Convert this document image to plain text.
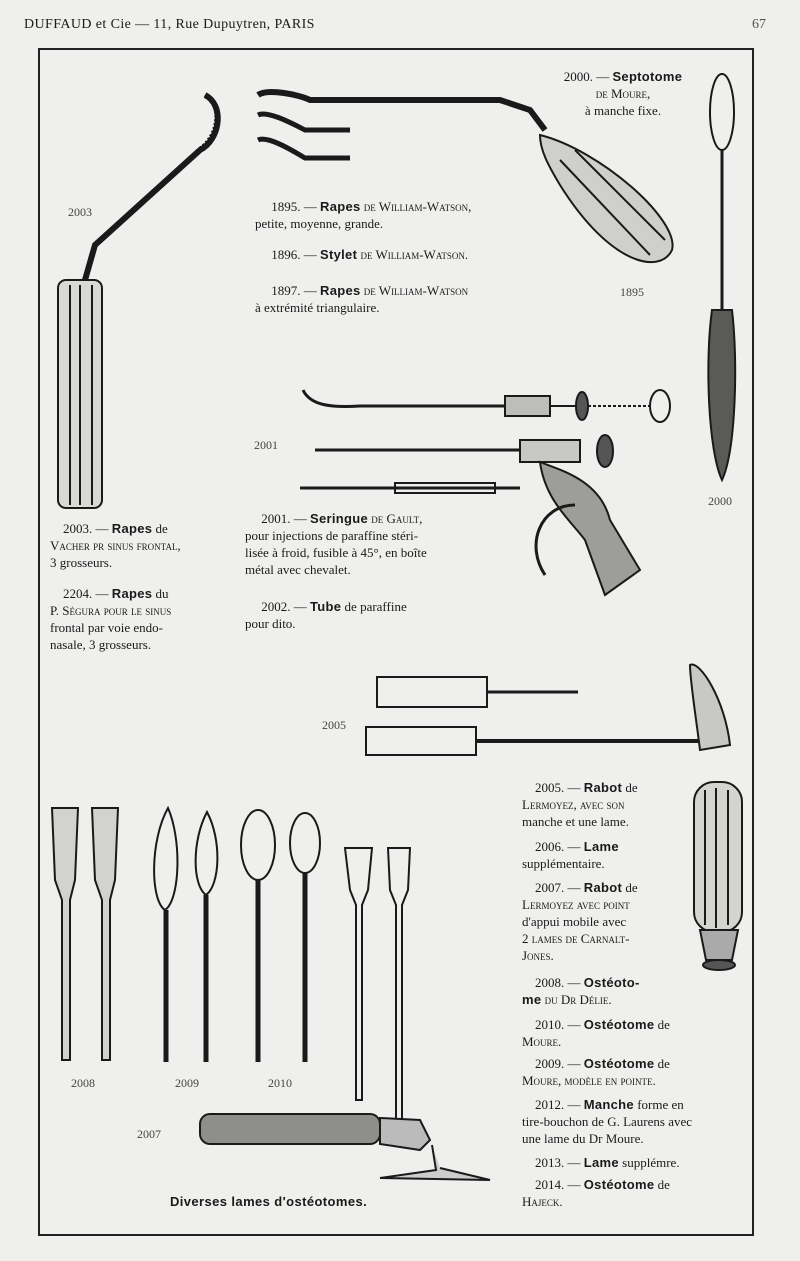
DUFFAUD et Cie — 11, Rue Dupuytren, PARIS	67
2003
1895
2001
2000
2005
2008	2009	2010
2007
2000. — Septotome
de Moure,
à manche fixe.
1895. — Rapes de William-Watson,
petite, moyenne, grande.
1896. — Stylet de William-Watson.
1897. — Rapes de William-Watson
à extrémité triangulaire.
2003. — Rapes de
Vacher pr sinus frontal,
3 grosseurs.
2204. — Rapes du
P. Ségura pour le sinus
frontal par voie endo-
nasale, 3 grosseurs.
2001. — Seringue de Gault,
pour injections de paraffine stéri-
lisée à froid, fusible à 45°, en boîte
métal avec chevalet.
2002. — Tube de paraffine
pour dito.
2005. — Rabot de
Lermoyez, avec son
manche et une lame.
2006. — Lame
supplémentaire.
2007. — Rabot de
Lermoyez avec point
d'appui mobile avec
2 lames de Carnalt-
Jones.
2008. — Ostéoto-
me du Dr Délie.
2010. — Ostéotome de
Moure.
2009. — Ostéotome de
Moure, modèle en pointe.
2012. — Manche forme en
tire-bouchon de G. Laurens avec
une lame du Dr Moure.
2013. — Lame supplémre.
2014. — Ostéotome de
Hajeck.
Diverses lames d'ostéotomes.
